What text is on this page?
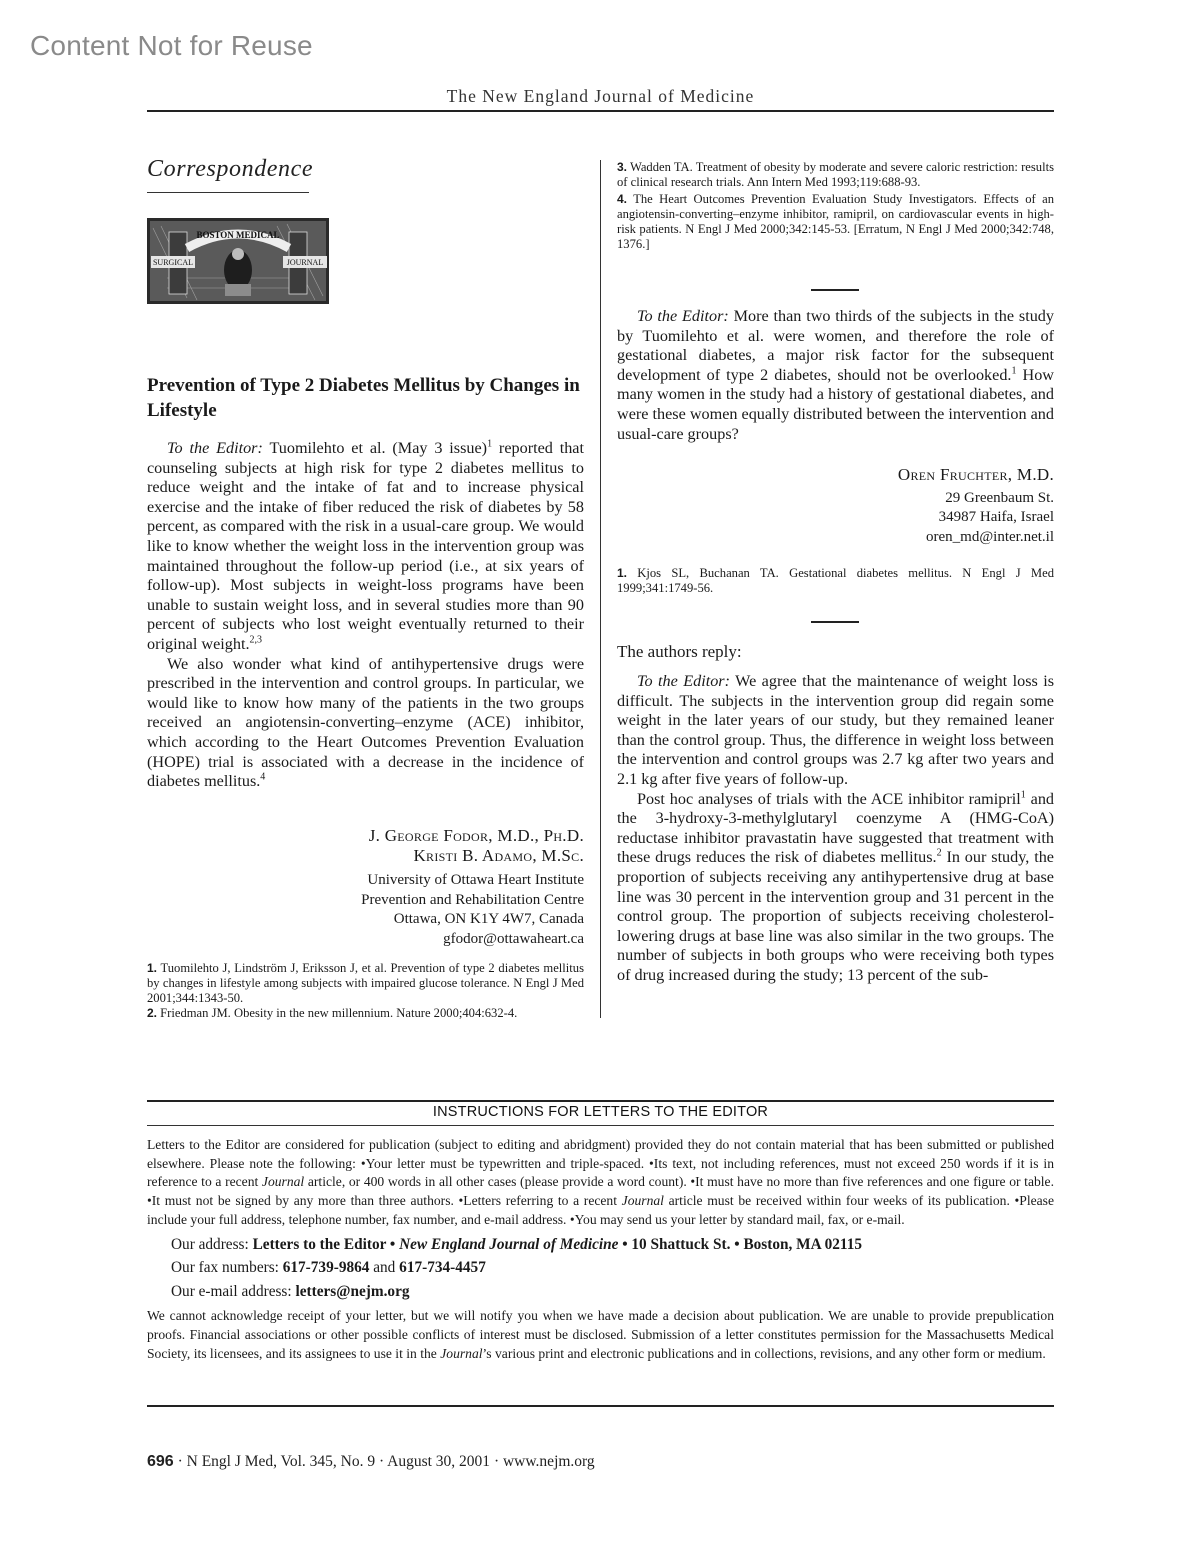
Content Not for Reuse
The New England Journal of Medicine
Correspondence
BOSTON MEDICAL
SURGICAL	JOURNAL
Prevention of Type 2 Diabetes Mellitus by Changes in Lifestyle

To the Editor: Tuomilehto et al. (May 3 issue)$^1$ reported that counseling subjects at high risk for type 2 diabetes mellitus to reduce weight and the intake of fat and to increase physical exercise and the intake of fiber reduced the risk of diabetes by 58 percent, as compared with the risk in a usual-care group. We would like to know whether the weight loss in the intervention group was maintained throughout the follow-up period (i.e., at six years of follow-up). Most subjects in weight-loss programs have been unable to sustain weight loss, and in several studies more than 90 percent of subjects who lost weight eventually returned to their original weight.$^{2,3}$

We also wonder what kind of antihypertensive drugs were prescribed in the intervention and control groups. In particular, we would like to know how many of the patients in the two groups received an angiotensin-converting–enzyme (ACE) inhibitor, which according to the Heart Outcomes Prevention Evaluation (HOPE) trial is associated with a decrease in the incidence of diabetes mellitus.$^4$

J. George Fodor, M.D., Ph.D.
Kristi B. Adamo, M.Sc.
University of Ottawa Heart Institute
Prevention and Rehabilitation Centre
Ottawa, ON K1Y 4W7, Canada
gfodor@ottawaheart.ca
1. Tuomilehto J, Lindström J, Eriksson J, et al. Prevention of type 2 diabetes mellitus by changes in lifestyle among subjects with impaired glucose tolerance. N Engl J Med 2001;344:1343-50.
2. Friedman JM. Obesity in the new millennium. Nature 2000;404:632-4.
3. Wadden TA. Treatment of obesity by moderate and severe caloric restriction: results of clinical research trials. Ann Intern Med 1993;119:688-93.
4. The Heart Outcomes Prevention Evaluation Study Investigators. Effects of an angiotensin-converting–enzyme inhibitor, ramipril, on cardiovascular events in high-risk patients. N Engl J Med 2000;342:145-53. [Erratum, N Engl J Med 2000;342:748, 1376.]

To the Editor: More than two thirds of the subjects in the study by Tuomilehto et al. were women, and therefore the role of gestational diabetes, a major risk factor for the subsequent development of type 2 diabetes, should not be overlooked.$^1$ How many women in the study had a history of gestational diabetes, and were these women equally distributed between the intervention and usual-care groups?

Oren Fruchter, M.D.
29 Greenbaum St.
34987 Haifa, Israel
oren_md@inter.net.il
1. Kjos SL, Buchanan TA. Gestational diabetes mellitus. N Engl J Med 1999;341:1749-56.

The authors reply:

To the Editor: We agree that the maintenance of weight loss is difficult. The subjects in the intervention group did regain some weight in the later years of our study, but they remained leaner than the control group. Thus, the difference in weight loss between the intervention and control groups was 2.7 kg after two years and 2.1 kg after five years of follow-up.

Post hoc analyses of trials with the ACE inhibitor ramipril$^1$ and the 3-hydroxy-3-methylglutaryl coenzyme A (HMG-CoA) reductase inhibitor pravastatin have suggested that treatment with these drugs reduces the risk of diabetes mellitus.$^2$ In our study, the proportion of subjects receiving any antihypertensive drug at base line was 30 percent in the intervention group and 31 percent in the control group. The proportion of subjects receiving cholesterol-lowering drugs at base line was also similar in the two groups. The number of subjects in both groups who were receiving both types of drug increased during the study; 13 percent of the sub-

INSTRUCTIONS FOR LETTERS TO THE EDITOR

Letters to the Editor are considered for publication (subject to editing and abridgment) provided they do not contain material that has been submitted or published elsewhere. Please note the following: •Your letter must be typewritten and triple-spaced. •Its text, not including references, must not exceed 250 words if it is in reference to a recent Journal article, or 400 words in all other cases (please provide a word count). •It must have no more than five references and one figure or table. •It must not be signed by any more than three authors. •Letters referring to a recent Journal article must be received within four weeks of its publication. •Please include your full address, telephone number, fax number, and e-mail address. •You may send us your letter by standard mail, fax, or e-mail.

Our address: Letters to the Editor • New England Journal of Medicine • 10 Shattuck St. • Boston, MA 02115
Our fax numbers: 617-739-9864 and 617-734-4457
Our e-mail address: letters@nejm.org

We cannot acknowledge receipt of your letter, but we will notify you when we have made a decision about publication. We are unable to provide prepublication proofs. Financial associations or other possible conflicts of interest must be disclosed. Submission of a letter constitutes permission for the Massachusetts Medical Society, its licensees, and its assignees to use it in the Journal’s various print and electronic publications and in collections, revisions, and any other form or medium.

696 · N Engl J Med, Vol. 345, No. 9 · August 30, 2001 · www.nejm.org
